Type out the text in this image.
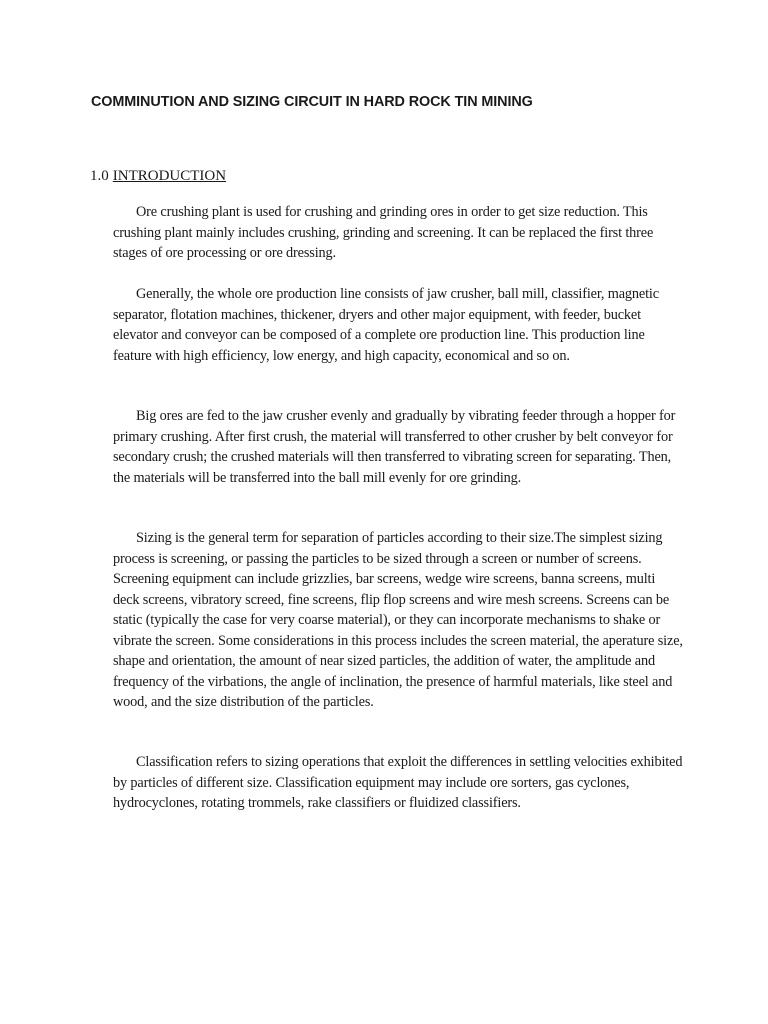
COMMINUTION AND SIZING CIRCUIT IN HARD ROCK TIN MINING
1.0 INTRODUCTION

Ore crushing plant is used for crushing and grinding ores in order to get size reduction. This crushing plant mainly includes crushing, grinding and screening. It can be replaced the first three stages of ore processing or ore dressing.

Generally, the whole ore production line consists of jaw crusher, ball mill, classifier, magnetic separator, flotation machines, thickener, dryers and other major equipment, with feeder, bucket elevator and conveyor can be composed of a complete ore production line. This production line feature with high efficiency, low energy, and high capacity, economical and so on.

Big ores are fed to the jaw crusher evenly and gradually by vibrating feeder through a hopper for primary crushing. After first crush, the material will transferred to other crusher by belt conveyor for secondary crush; the crushed materials will then transferred to vibrating screen for separating. Then, the materials will be transferred into the ball mill evenly for ore grinding.

Sizing is the general term for separation of particles according to their size.The simplest sizing process is screening, or passing the particles to be sized through a screen or number of screens. Screening equipment can include grizzlies, bar screens, wedge wire screens, banna screens, multi deck screens, vibratory screed, fine screens, flip flop screens and wire mesh screens. Screens can be static (typically the case for very coarse material), or they can incorporate mechanisms to shake or vibrate the screen. Some considerations in this process includes the screen material, the aperature size, shape and orientation, the amount of near sized particles, the addition of water, the amplitude and frequency of the virbations, the angle of inclination, the presence of harmful materials, like steel and wood, and the size distribution of the particles.

Classification refers to sizing operations that exploit the differences in settling velocities exhibited by particles of different size. Classification equipment may include ore sorters, gas cyclones, hydrocyclones, rotating trommels, rake classifiers or fluidized classifiers.
